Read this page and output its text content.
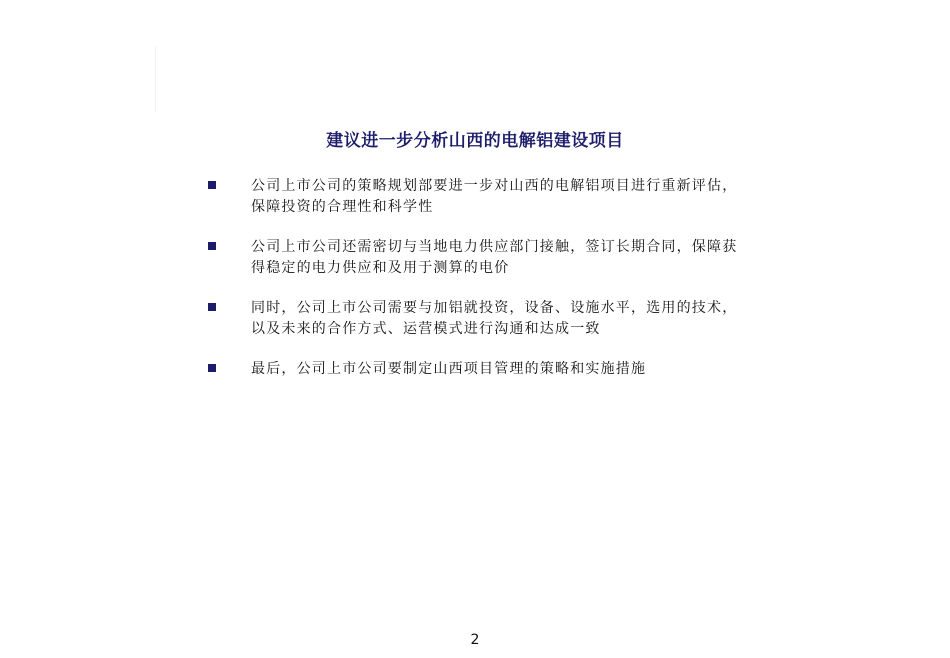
建议进一步分析山西的电解铝建设项目
公司上市公司的策略规划部要进一步对山西的电解铝项目进行重新评估，保障投资的合理性和科学性
公司上市公司还需密切与当地电力供应部门接触，签订长期合同，保障获得稳定的电力供应和及用于测算的电价
同时，公司上市公司需要与加铝就投资，设备、设施水平，选用的技术，以及未来的合作方式、运营模式进行沟通和达成一致
最后，公司上市公司要制定山西项目管理的策略和实施措施
2
